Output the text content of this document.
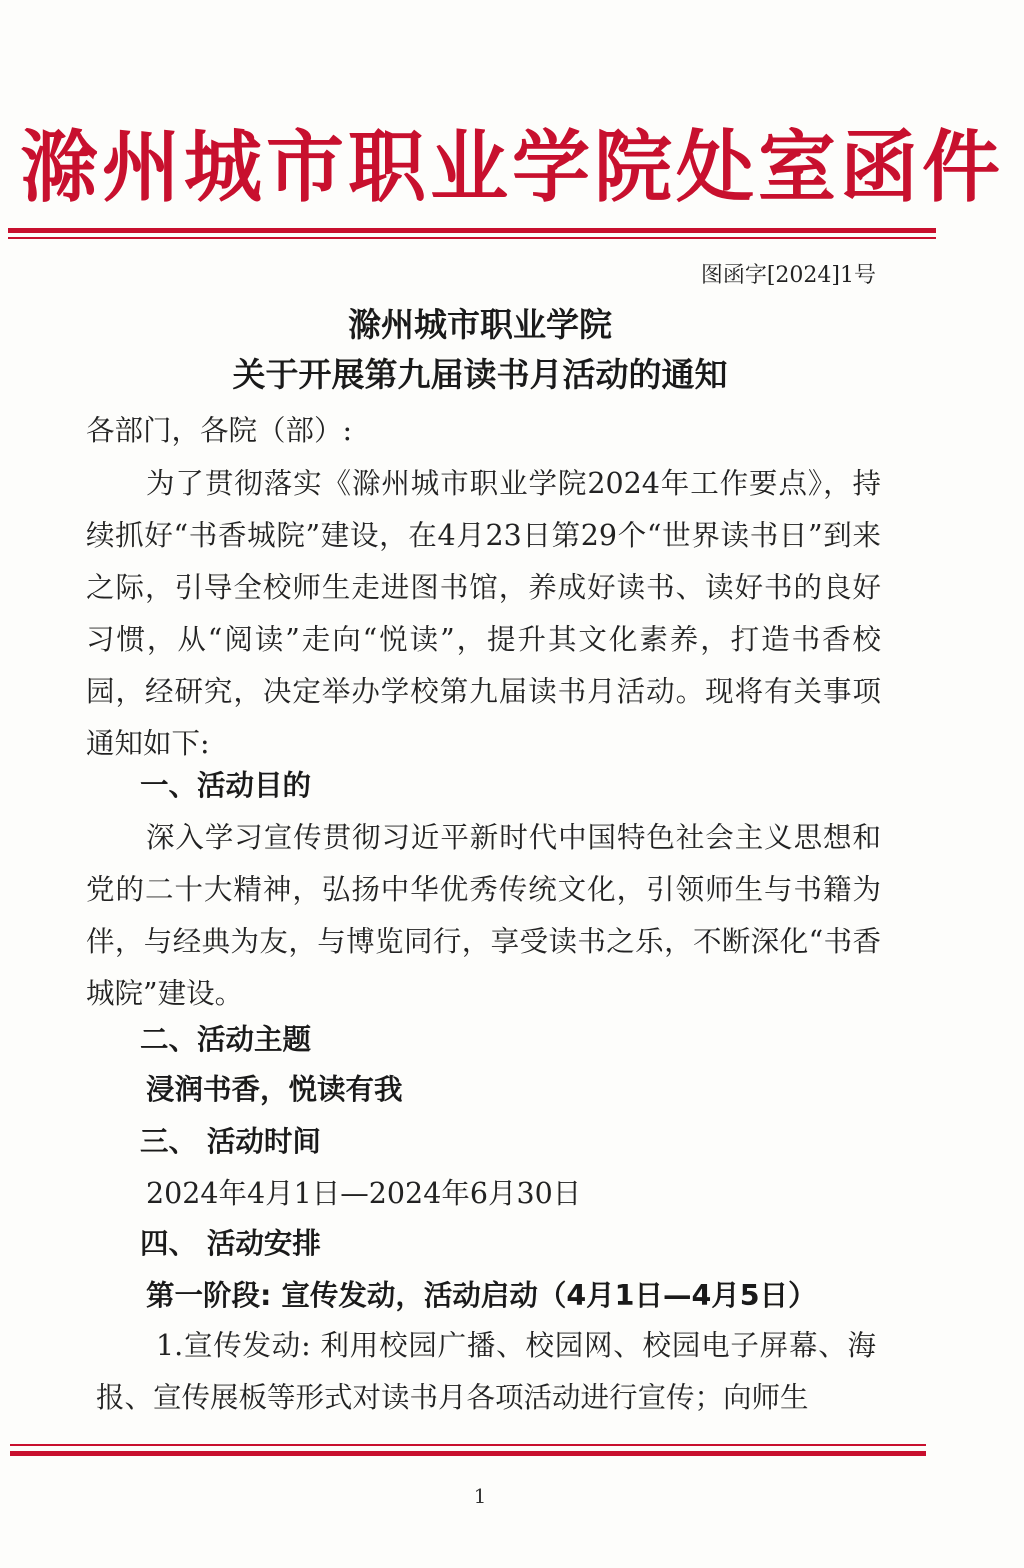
滁州城市职业学院处室函件
图函字[2024]1号
滁州城市职业学院
关于开展第九届读书月活动的通知
各部门，各院（部）:
为了贯彻落实《滁州城市职业学院2024年工作要点》，持续抓好“书香城院”建设，在4月23日第29个“世界读书日”到来之际，引导全校师生走进图书馆，养成好读书、读好书的良好习惯，从“阅读”走向“悦读”，提升其文化素养，打造书香校园，经研究，决定举办学校第九届读书月活动。现将有关事项通知如下:
一、活动目的
深入学习宣传贯彻习近平新时代中国特色社会主义思想和党的二十大精神，弘扬中华优秀传统文化，引领师生与书籍为伴，与经典为友，与博览同行，享受读书之乐，不断深化“书香城院”建设。
二、活动主题
浸润书香，悦读有我
三、 活动时间
2024年4月1日—2024年6月30日
四、 活动安排
第一阶段: 宣传发动，活动启动（4月1日—4月5日）
1.宣传发动: 利用校园广播、校园网、校园电子屏幕、海报、宣传展板等形式对读书月各项活动进行宣传；向师生
1
